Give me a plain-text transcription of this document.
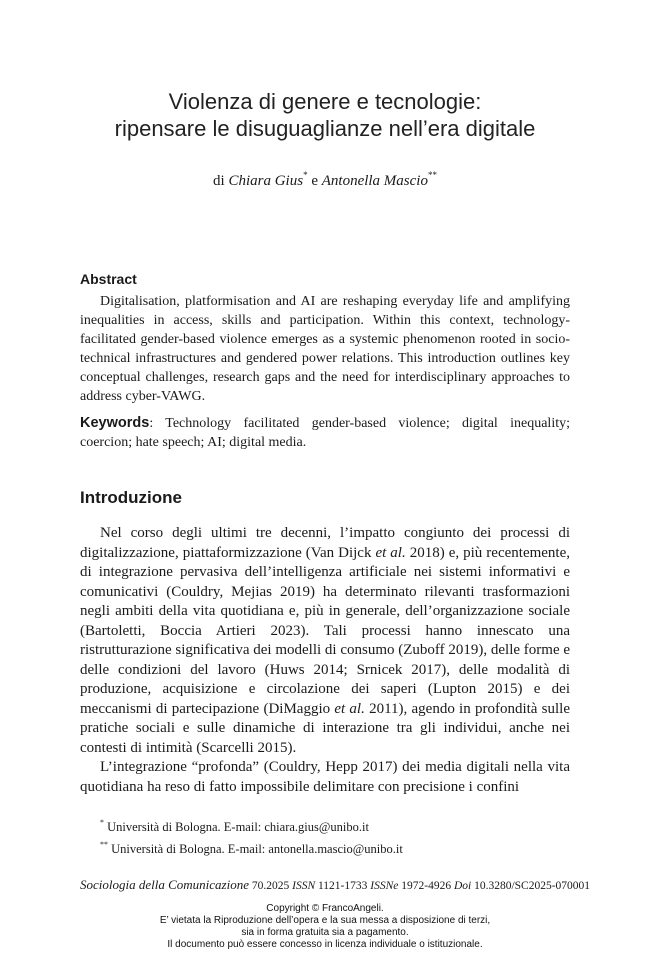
Violenza di genere e tecnologie:
ripensare le disuguaglianze nell’era digitale
di Chiara Gius* e Antonella Mascio**
Abstract

Digitalisation, platformisation and AI are reshaping everyday life and amplifying inequalities in access, skills and participation. Within this context, technology-facilitated gender-based violence emerges as a systemic phenomenon rooted in socio-technical infrastructures and gendered power relations. This introduction outlines key conceptual challenges, research gaps and the need for interdisciplinary approaches to address cyber-VAWG.

Keywords: Technology facilitated gender-based violence; digital inequality; coercion; hate speech; AI; digital media.

Introduzione

Nel corso degli ultimi tre decenni, l’impatto congiunto dei processi di digitalizzazione, piattaformizzazione (Van Dijck et al. 2018) e, più recentemente, di integrazione pervasiva dell’intelligenza artificiale nei sistemi informativi e comunicativi (Couldry, Mejias 2019) ha determinato rilevanti trasformazioni negli ambiti della vita quotidiana e, più in generale, dell’organizzazione sociale (Bartoletti, Boccia Artieri 2023). Tali processi hanno innescato una ristrutturazione significativa dei modelli di consumo (Zuboff 2019), delle forme e delle condizioni del lavoro (Huws 2014; Srnicek 2017), delle modalità di produzione, acquisizione e circolazione dei saperi (Lupton 2015) e dei meccanismi di partecipazione (DiMaggio et al. 2011), agendo in profondità sulle pratiche sociali e sulle dinamiche di interazione tra gli individui, anche nei contesti di intimità (Scarcelli 2015).

L’integrazione “profonda” (Couldry, Hepp 2017) dei media digitali nella vita quotidiana ha reso di fatto impossibile delimitare con precisione i confini

* Università di Bologna. E-mail: chiara.gius@unibo.it
** Università di Bologna. E-mail: antonella.mascio@unibo.it
Sociologia della Comunicazione 70.2025 ISSN 1121-1733 ISSNe 1972-4926 Doi 10.3280/SC2025-070001
Copyright © FrancoAngeli.
E’ vietata la Riproduzione dell’opera e la sua messa a disposizione di terzi,
sia in forma gratuita sia a pagamento.
Il documento può essere concesso in licenza individuale o istituzionale.
